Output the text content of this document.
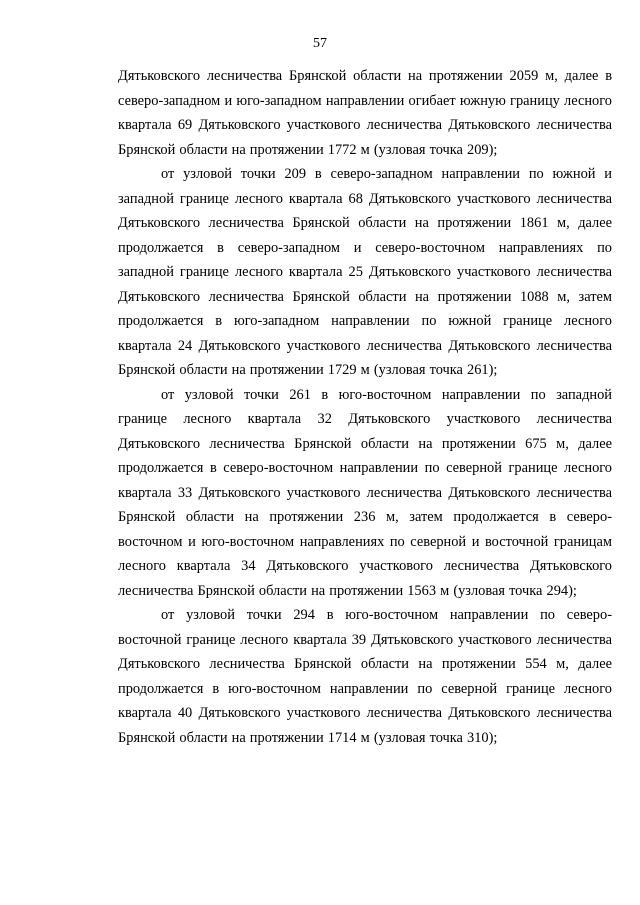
57

Дятьковского лесничества Брянской области на протяжении 2059 м, далее в северо-западном и юго-западном направлении огибает южную границу лесного квартала 69 Дятьковского участкового лесничества Дятьковского лесничества Брянской области на протяжении 1772 м (узловая точка 209);

от узловой точки 209 в северо-западном направлении по южной и западной границе лесного квартала 68 Дятьковского участкового лесничества Дятьковского лесничества Брянской области на протяжении 1861 м, далее продолжается в северо-западном и северо-восточном направлениях по западной границе лесного квартала 25 Дятьковского участкового лесничества Дятьковского лесничества Брянской области на протяжении 1088 м, затем продолжается в юго-западном направлении по южной границе лесного квартала 24 Дятьковского участкового лесничества Дятьковского лесничества Брянской области на протяжении 1729 м (узловая точка 261);

от узловой точки 261 в юго-восточном направлении по западной границе лесного квартала 32 Дятьковского участкового лесничества Дятьковского лесничества Брянской области на протяжении 675 м, далее продолжается в северо-восточном направлении по северной границе лесного квартала 33 Дятьковского участкового лесничества Дятьковского лесничества Брянской области на протяжении 236 м, затем продолжается в северо-восточном и юго-восточном направлениях по северной и восточной границам лесного квартала 34 Дятьковского участкового лесничества Дятьковского лесничества Брянской области на протяжении 1563 м (узловая точка 294);

от узловой точки 294 в юго-восточном направлении по северо-восточной границе лесного квартала 39 Дятьковского участкового лесничества Дятьковского лесничества Брянской области на протяжении 554 м, далее продолжается в юго-восточном направлении по северной границе лесного квартала 40 Дятьковского участкового лесничества Дятьковского лесничества Брянской области на протяжении 1714 м (узловая точка 310);
